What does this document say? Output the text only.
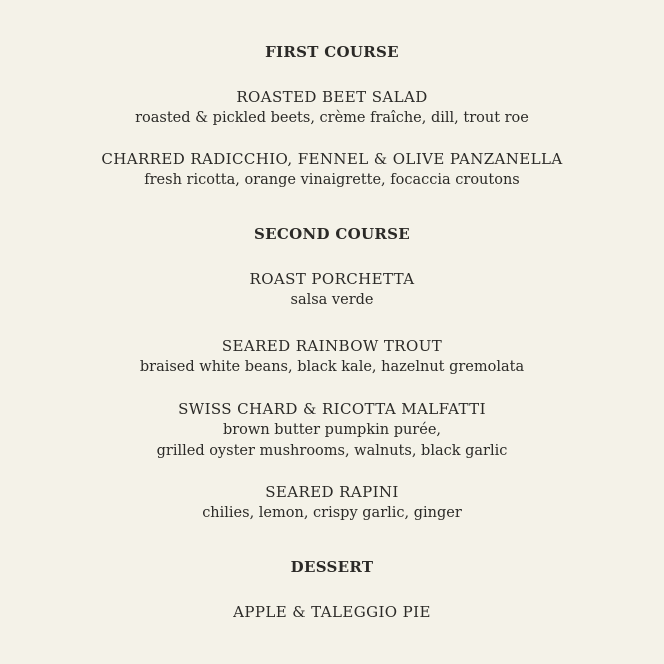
FIRST COURSE
ROASTED BEET SALAD
roasted & pickled beets, crème fraîche, dill, trout roe
CHARRED RADICCHIO, FENNEL & OLIVE PANZANELLA
fresh ricotta, orange vinaigrette, focaccia croutons
SECOND COURSE
ROAST PORCHETTA
salsa verde
SEARED RAINBOW TROUT
braised white beans, black kale, hazelnut gremolata
SWISS CHARD & RICOTTA MALFATTI
brown butter pumpkin purée,
grilled oyster mushrooms, walnuts, black garlic
SEARED RAPINI
chilies, lemon, crispy garlic, ginger
DESSERT
APPLE & TALEGGIO PIE
